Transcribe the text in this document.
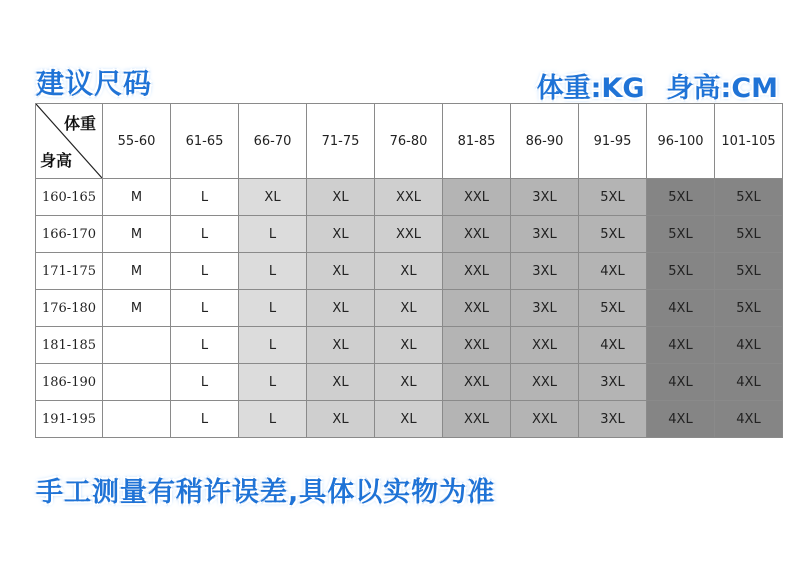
建议尺码	体重:KG 身高:CM
体重
身高	55-60	61-65	66-70	71-75	76-80	81-85	86-90	91-95	96-100	101-105
160-165	M	L	XL	XL	XXL	XXL	3XL	5XL	5XL	5XL
166-170	M	L	L	XL	XXL	XXL	3XL	5XL	5XL	5XL
171-175	M	L	L	XL	XL	XXL	3XL	4XL	5XL	5XL
176-180	M	L	L	XL	XL	XXL	3XL	5XL	4XL	5XL
181-185		L	L	XL	XL	XXL	XXL	4XL	4XL	4XL
186-190		L	L	XL	XL	XXL	XXL	3XL	4XL	4XL
191-195		L	L	XL	XL	XXL	XXL	3XL	4XL	4XL
手工测量有稍许误差,具体以实物为准
